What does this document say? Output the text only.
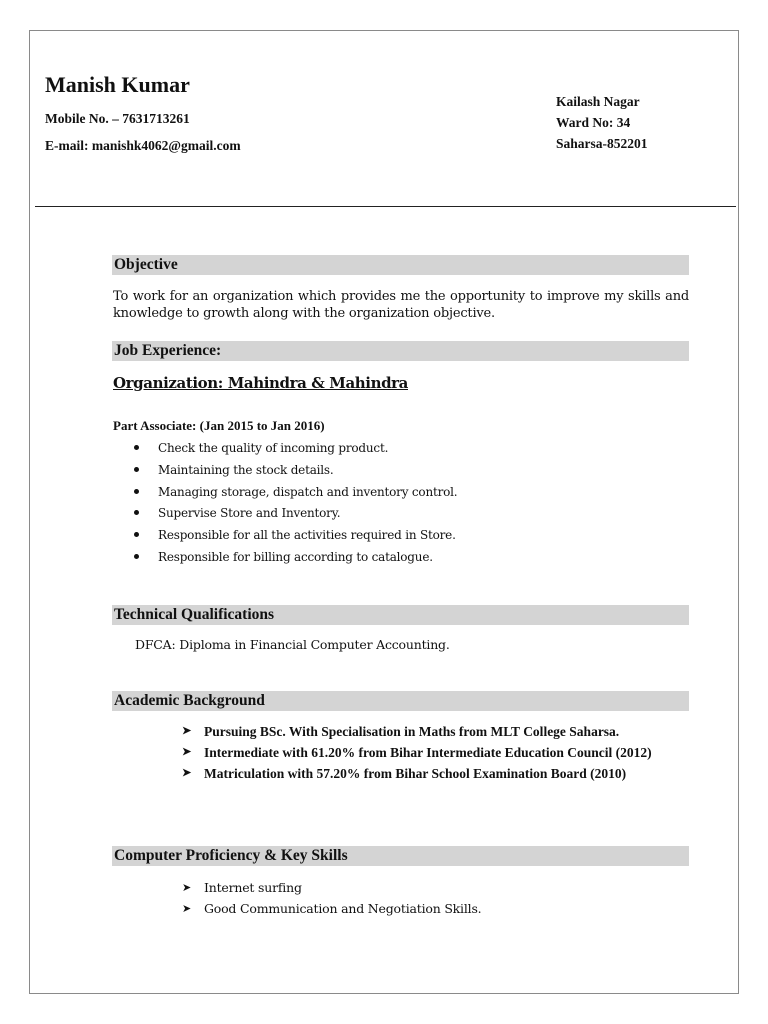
Manish Kumar
Mobile No. – 7631713261
E-mail: manishk4062@gmail.com
Kailash Nagar
Ward No: 34
Saharsa-852201
Objective
To work for an organization which provides me the opportunity to improve my skills and
knowledge to growth along with the organization objective.
Job Experience:
Organization: Mahindra & Mahindra
Part Associate: (Jan 2015 to Jan 2016)
Check the quality of incoming product.
Maintaining the stock details.
Managing storage, dispatch and inventory control.
Supervise Store and Inventory.
Responsible for all the activities required in Store.
Responsible for billing according to catalogue.
Technical Qualifications
DFCA: Diploma in Financial Computer Accounting.
Academic Background
➤ Pursuing BSc. With Specialisation in Maths from MLT College Saharsa.
➤ Intermediate with 61.20% from Bihar Intermediate Education Council (2012)
➤ Matriculation with 57.20% from Bihar School Examination Board (2010)
Computer Proficiency & Key Skills
➤ Internet surfing
➤ Good Communication and Negotiation Skills.
